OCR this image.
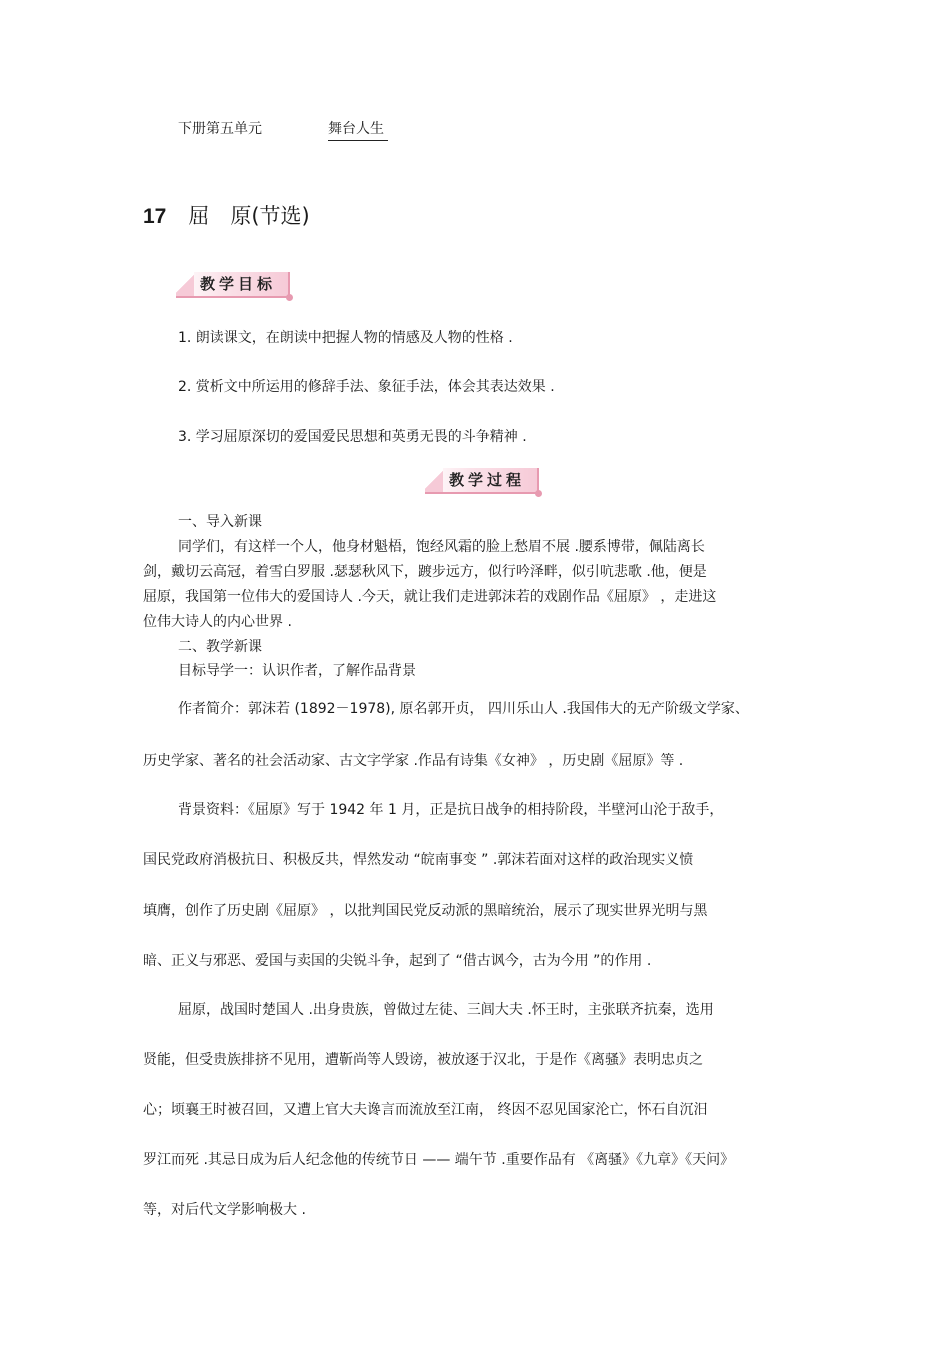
下册第五单元	舞台人生
17 屈　原(节选)
教学目标
1. 朗读课文，在朗读中把握人物的情感及人物的性格 .
2. 赏析文中所运用的修辞手法、象征手法，体会其表达效果 .
3. 学习屈原深切的爱国爱民思想和英勇无畏的斗争精神 .
教学过程
一、导入新课
同学们，有这样一个人，他身材魁梧，饱经风霜的脸上愁眉不展 .腰系博带，佩陆离长
剑，戴切云高冠，着雪白罗服 .瑟瑟秋风下，踱步远方，似行吟泽畔，似引吭悲歌 .他，便是
屈原，我国第一位伟大的爱国诗人 .今天，就让我们走进郭沫若的戏剧作品《屈原》 ，走进这
位伟大诗人的内心世界 .
二、教学新课
目标导学一：认识作者，了解作品背景
作者简介：郭沫若 (1892－1978), 原名郭开贞， 四川乐山人 .我国伟大的无产阶级文学家、
历史学家、著名的社会活动家、古文字学家 .作品有诗集《女神》 ，历史剧《屈原》等 .
背景资料：《屈原》写于 1942 年 1 月，正是抗日战争的相持阶段，半壁河山沦于敌手，
国民党政府消极抗日、积极反共，悍然发动 “皖南事变 ” .郭沫若面对这样的政治现实义愤
填膺，创作了历史剧《屈原》 ，以批判国民党反动派的黑暗统治，展示了现实世界光明与黑
暗、正义与邪恶、爱国与卖国的尖锐斗争，起到了 “借古讽今，古为今用 ”的作用 .
屈原，战国时楚国人 .出身贵族，曾做过左徒、三闾大夫 .怀王时，主张联齐抗秦，选用
贤能，但受贵族排挤不见用，遭靳尚等人毁谤，被放逐于汉北，于是作《离骚》表明忠贞之
心；顷襄王时被召回，又遭上官大夫谗言而流放至江南， 终因不忍见国家沦亡，怀石自沉汨
罗江而死 .其忌日成为后人纪念他的传统节日 —— 端午节 .重要作品有 《离骚》《九章》《天问》
等，对后代文学影响极大 .
